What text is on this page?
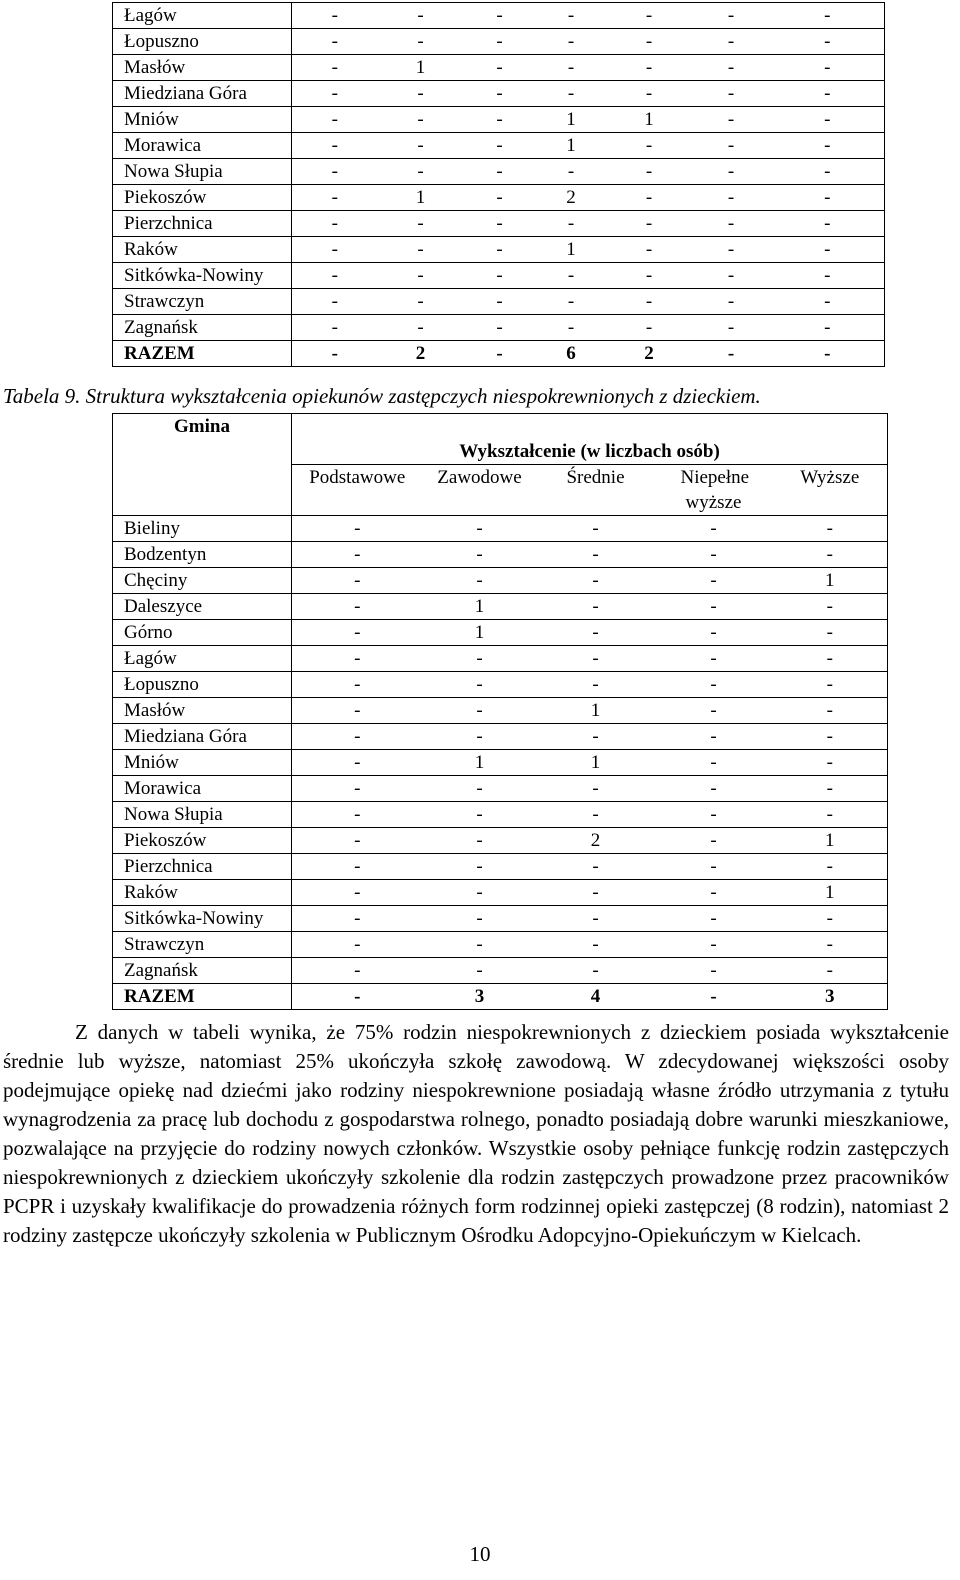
Łagów	-	-	-	-	-	-	-
Łopuszno	-	-	-	-	-	-	-
Masłów	-	1	-	-	-	-	-
Miedziana Góra	-	-	-	-	-	-	-
Mniów	-	-	-	1	1	-	-
Morawica	-	-	-	1	-	-	-
Nowa Słupia	-	-	-	-	-	-	-
Piekoszów	-	1	-	2	-	-	-
Pierzchnica	-	-	-	-	-	-	-
Raków	-	-	-	1	-	-	-
Sitkówka-Nowiny	-	-	-	-	-	-	-
Strawczyn	-	-	-	-	-	-	-
Zagnańsk	-	-	-	-	-	-	-
RAZEM	-	2	-	6	2	-	-
Tabela 9. Struktura wykształcenia opiekunów zastępczych niespokrewnionych z dzieckiem.
Gmina	Wykształcenie (w liczbach osób)				
	Podstawowe	Zawodowe	Średnie	Niepełne wyższe	Wyższe
Bieliny	-	-	-	-	-
Bodzentyn	-	-	-	-	-
Chęciny	-	-	-	-	1
Daleszyce	-	1	-	-	-
Górno	-	1	-	-	-
Łagów	-	-	-	-	-
Łopuszno	-	-	-	-	-
Masłów	-	-	1	-	-
Miedziana Góra	-	-	-	-	-
Mniów	-	1	1	-	-
Morawica	-	-	-	-	-
Nowa Słupia	-	-	-	-	-
Piekoszów	-	-	2	-	1
Pierzchnica	-	-	-	-	-
Raków	-	-	-	-	1
Sitkówka-Nowiny	-	-	-	-	-
Strawczyn	-	-	-	-	-
Zagnańsk	-	-	-	-	-
RAZEM	-	3	4	-	3
Z danych w tabeli wynika, że 75% rodzin niespokrewnionych z dzieckiem posiada wykształcenie średnie lub wyższe, natomiast 25% ukończyła szkołę zawodową. W zdecydowanej większości osoby podejmujące opiekę nad dziećmi jako rodziny niespokrewnione posiadają własne źródło utrzymania z tytułu wynagrodzenia za pracę lub dochodu z gospodarstwa rolnego, ponadto posiadają dobre warunki mieszkaniowe, pozwalające na przyjęcie do rodziny nowych członków. Wszystkie osoby pełniące funkcję rodzin zastępczych niespokrewnionych z dzieckiem ukończyły szkolenie dla rodzin zastępczych prowadzone przez pracowników PCPR i uzyskały kwalifikacje do prowadzenia różnych form rodzinnej opieki zastępczej (8 rodzin), natomiast 2 rodziny zastępcze ukończyły szkolenia w Publicznym Ośrodku Adopcyjno-Opiekuńczym w Kielcach.
10
